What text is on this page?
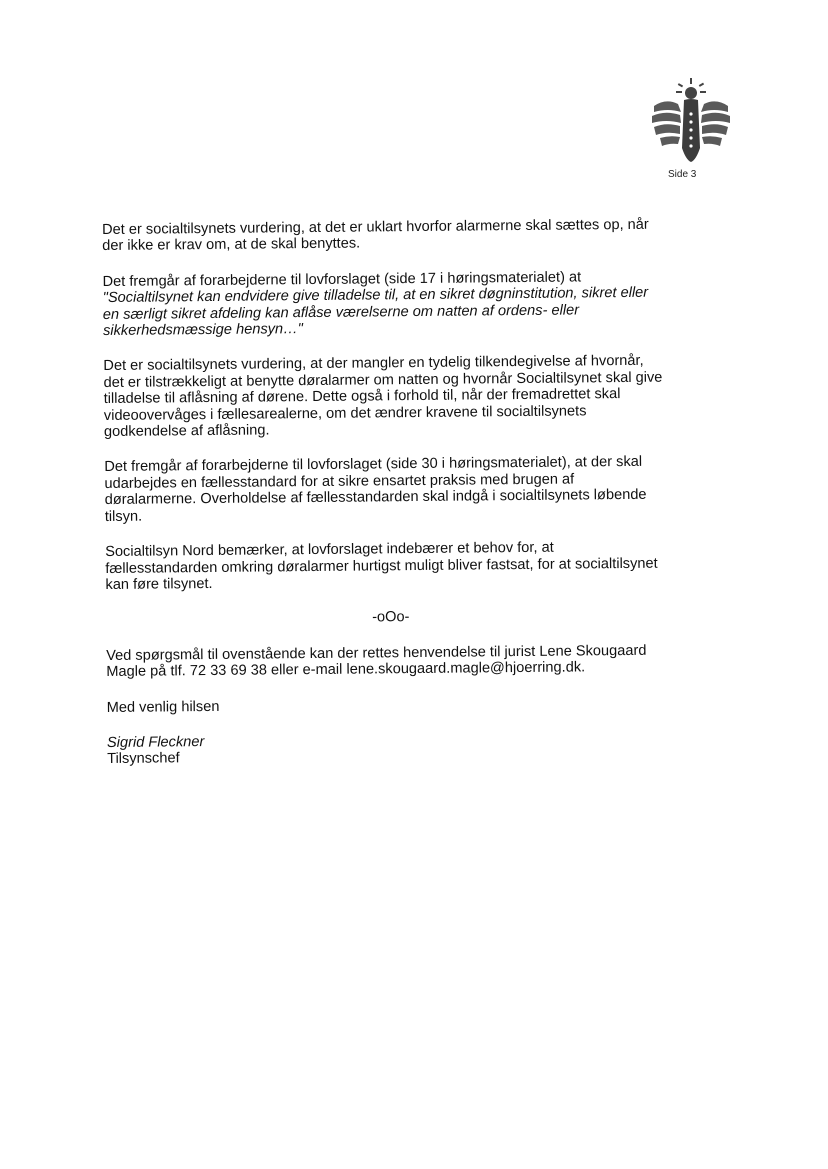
Side 3

Det er socialtilsynets vurdering, at det er uklart hvorfor alarmerne skal sættes op, når der ikke er krav om, at de skal benyttes.

Det fremgår af forarbejderne til lovforslaget (side 17 i høringsmaterialet) at
"Socialtilsynet kan endvidere give tilladelse til, at en sikret døgninstitution, sikret eller en særligt sikret afdeling kan aflåse værelserne om natten af ordens- eller sikkerhedsmæssige hensyn…"

Det er socialtilsynets vurdering, at der mangler en tydelig tilkendegivelse af hvornår, det er tilstrækkeligt at benytte døralarmer om natten og hvornår Socialtilsynet skal give tilladelse til aflåsning af dørene. Dette også i forhold til, når der fremadrettet skal videoovervåges i fællesarealerne, om det ændrer kravene til socialtilsynets godkendelse af aflåsning.

Det fremgår af forarbejderne til lovforslaget (side 30 i høringsmaterialet), at der skal udarbejdes en fællesstandard for at sikre ensartet praksis med brugen af døralarmerne. Overholdelse af fællesstandarden skal indgå i socialtilsynets løbende tilsyn.

Socialtilsyn Nord bemærker, at lovforslaget indebærer et behov for, at fællesstandarden omkring døralarmer hurtigst muligt bliver fastsat, for at socialtilsynet kan føre tilsynet.

-oOo-

Ved spørgsmål til ovenstående kan der rettes henvendelse til jurist Lene Skougaard Magle på tlf. 72 33 69 38 eller e-mail lene.skougaard.magle@hjoerring.dk.

Med venlig hilsen

Sigrid Fleckner
Tilsynschef
